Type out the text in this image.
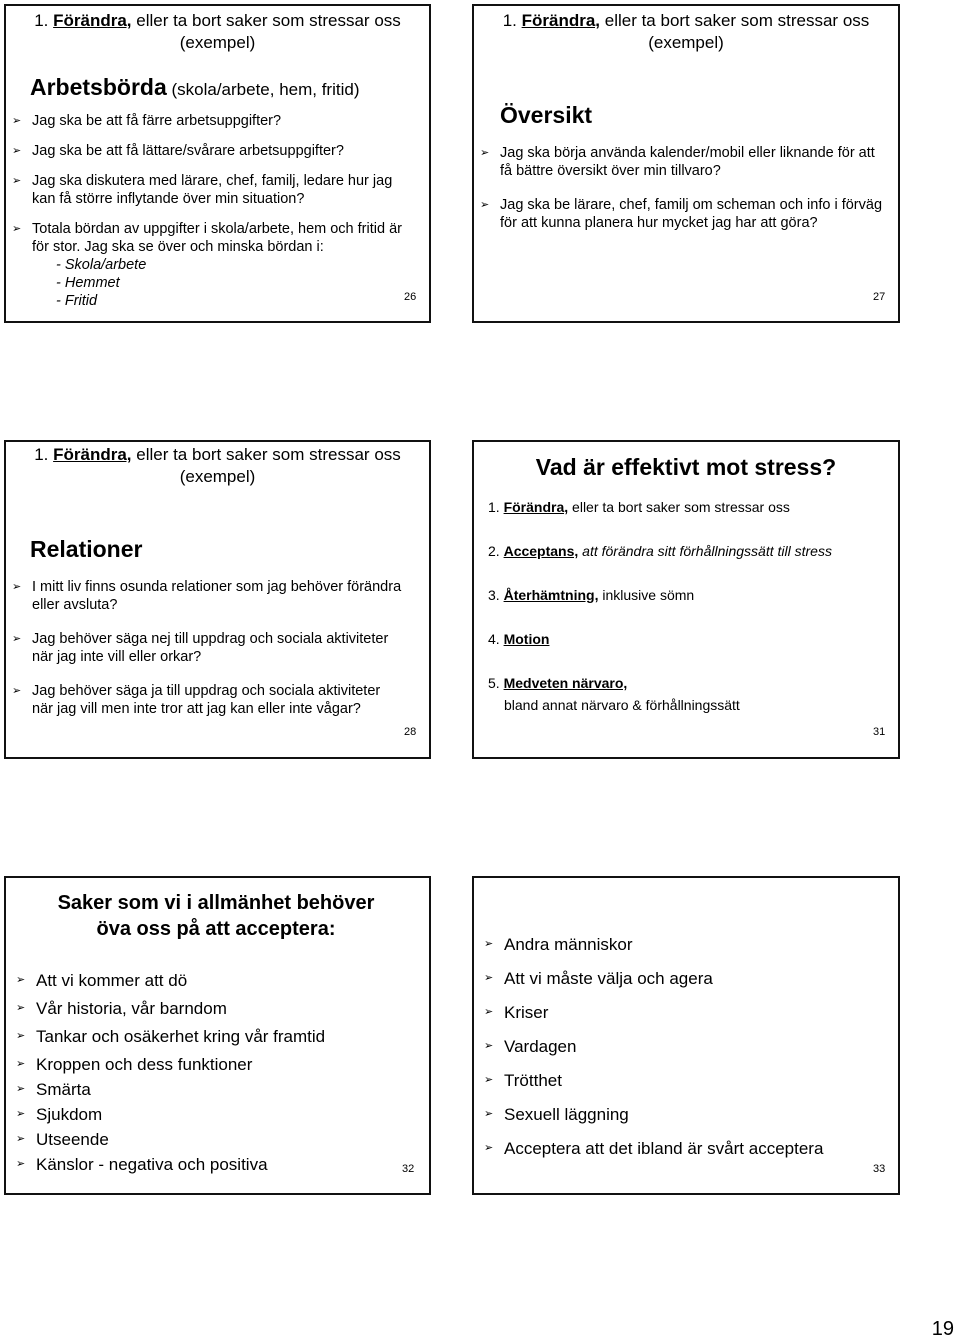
1. Förändra, eller ta bort saker som stressar oss
(exempel)
Arbetsbörda (skola/arbete, hem, fritid)
➢ Jag ska be att få färre arbetsuppgifter?
➢ Jag ska be att få lättare/svårare arbetsuppgifter?
➢ Jag ska diskutera med lärare, chef, familj, ledare hur jag kan få större inflytande över min situation?
➢ Totala bördan av uppgifter i skola/arbete, hem och fritid är för stor. Jag ska se över och minska bördan i:
- Skola/arbete
- Hemmet
- Fritid	26
1. Förändra, eller ta bort saker som stressar oss
(exempel)
Översikt
➢ Jag ska börja använda kalender/mobil eller liknande för att få bättre översikt över min tillvaro?
➢ Jag ska be lärare, chef, familj om scheman och info i förväg för att kunna planera hur mycket jag har att göra?
27
1. Förändra, eller ta bort saker som stressar oss
(exempel)
Relationer
➢ I mitt liv finns osunda relationer som jag behöver förändra eller avsluta?
➢ Jag behöver säga nej till uppdrag och sociala aktiviteter när jag inte vill eller orkar?
➢ Jag behöver säga ja till uppdrag och sociala aktiviteter när jag vill men inte tror att jag kan eller inte vågar?
28
Vad är effektivt mot stress?
1. Förändra, eller ta bort saker som stressar oss
2. Acceptans, att förändra sitt förhållningssätt till stress
3. Återhämtning, inklusive sömn
4. Motion
5. Medveten närvaro,
bland annat närvaro & förhållningssätt
31
Saker som vi i allmänhet behöver
öva oss på att acceptera:
➢ Att vi kommer att dö
➢ Vår historia, vår barndom
➢ Tankar och osäkerhet kring vår framtid
➢ Kroppen och dess funktioner
➢ Smärta
➢ Sjukdom
➢ Utseende
➢ Känslor - negativa och positiva	32
➢ Andra människor
➢ Att vi måste välja och agera
➢ Kriser
➢ Vardagen
➢ Trötthet
➢ Sexuell läggning
➢ Acceptera att det ibland är svårt acceptera
33
19
